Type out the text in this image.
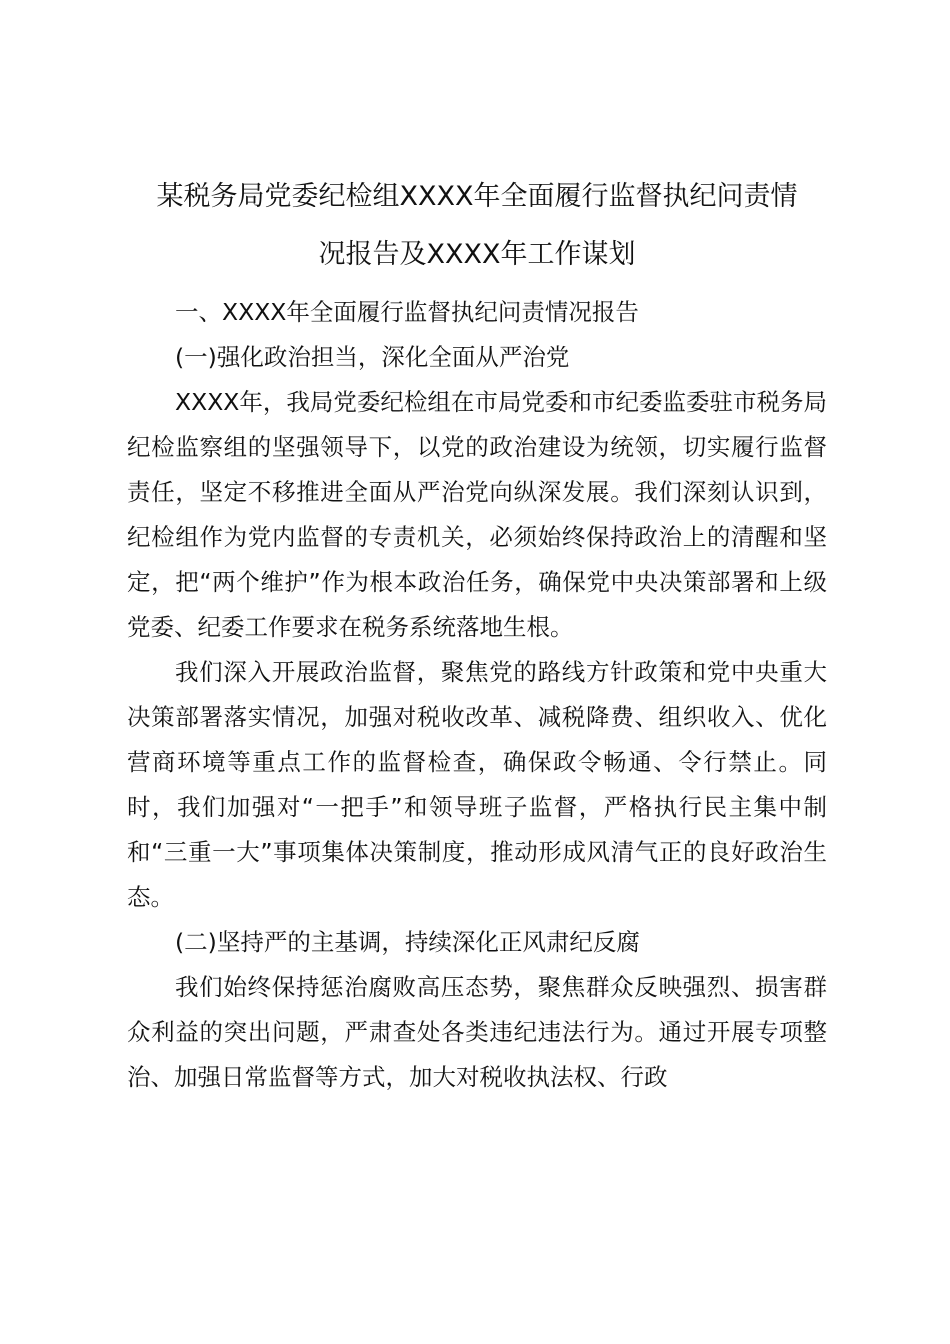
某税务局党委纪检组XXXX年全面履行监督执纪问责情
况报告及XXXX年工作谋划

一、XXXX年全面履行监督执纪问责情况报告

(一)强化政治担当，深化全面从严治党

XXXX年，我局党委纪检组在市局党委和市纪委监委驻市税务局纪检监察组的坚强领导下，以党的政治建设为统领，切实履行监督责任，坚定不移推进全面从严治党向纵深发展。我们深刻认识到，纪检组作为党内监督的专责机关，必须始终保持政治上的清醒和坚定，把“两个维护”作为根本政治任务，确保党中央决策部署和上级党委、纪委工作要求在税务系统落地生根。

我们深入开展政治监督，聚焦党的路线方针政策和党中央重大决策部署落实情况，加强对税收改革、减税降费、组织收入、优化营商环境等重点工作的监督检查，确保政令畅通、令行禁止。同时，我们加强对“一把手”和领导班子监督，严格执行民主集中制和“三重一大”事项集体决策制度，推动形成风清气正的良好政治生态。

(二)坚持严的主基调，持续深化正风肃纪反腐

我们始终保持惩治腐败高压态势，聚焦群众反映强烈、损害群众利益的突出问题，严肃查处各类违纪违法行为。通过开展专项整治、加强日常监督等方式，加大对税收执法权、行政
